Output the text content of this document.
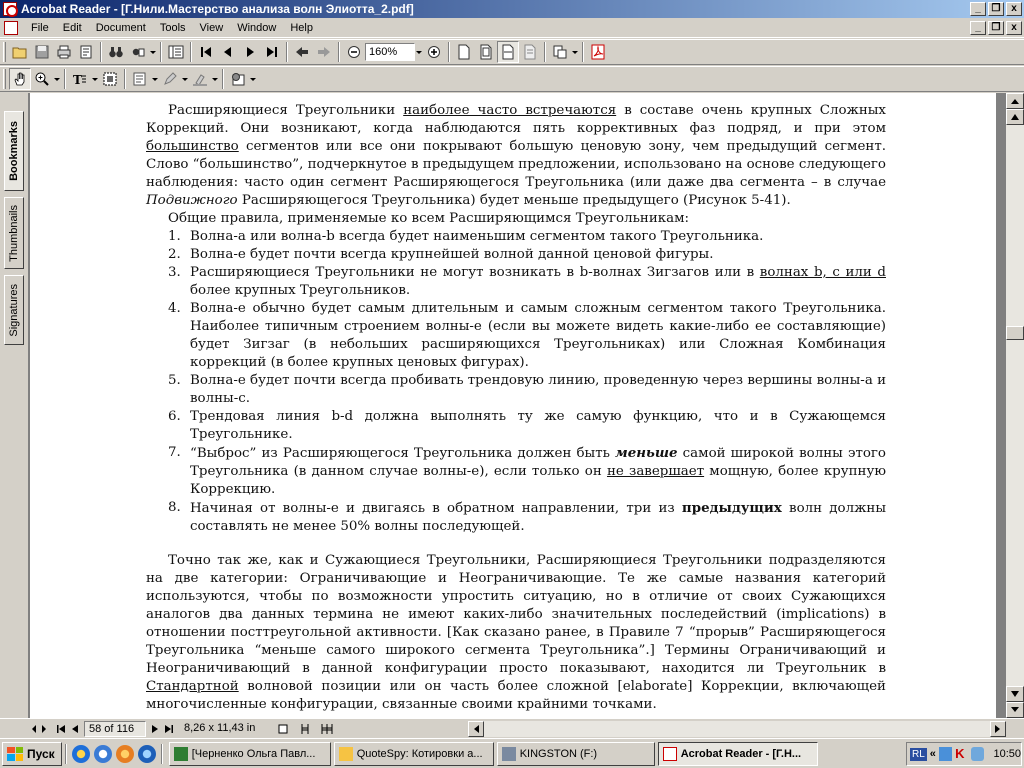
Acrobat Reader - [Г.Нили.Мастерство анализа волн Элиотта_2.pdf]	_	❐	x
File	Edit	Document	Tools	View	Window	Help	_	❐	x
160%
T
Bookmarks
Thumbnails
Signatures

Расширяющиеся Треугольники наиболее часто встречаются в составе очень крупных Сложных Коррекций. Они возникают, когда наблюдаются пять коррективных фаз подряд, и при этом большинство сегментов или все они покрывают большую ценовую зону, чем предыдущий сегмент. Слово “большинство”, подчеркнутое в предыдущем предложении, использовано на основе следующего наблюдения: часто один сегмент Расширяющегося Треугольника (или даже два сегмента – в случае Подвижного Расширяющегося Треугольника) будет меньше предыдущего (Рисунок 5-41).

Общие правила, применяемые ко всем Расширяющимся Треугольникам:

1. Волна-а или волна-b всегда будет наименьшим сегментом такого Треугольника.
2. Волна-е будет почти всегда крупнейшей волной данной ценовой фигуры.
3. Расширяющиеся Треугольники не могут возникать в b-волнах Зигзагов или в волнах b, c или d более крупных Треугольников.
4. Волна-е обычно будет самым длительным и самым сложным сегментом такого Треугольника. Наиболее типичным строением волны-е (если вы можете видеть какие-либо ее составляющие) будет Зигзаг (в небольших расширяющихся Треугольниках) или Сложная Комбинация коррекций (в более крупных ценовых фигурах).
5. Волна-е будет почти всегда пробивать трендовую линию, проведенную через вершины волны-а и волны-с.
6. Трендовая линия b-d должна выполнять ту же самую функцию, что и в Сужающемся Треугольнике.
7. “Выброс” из Расширяющегося Треугольника должен быть меньше самой широкой волны этого Треугольника (в данном случае волны-е), если только он не завершает мощную, более крупную Коррекцию.
8. Начиная от волны-е и двигаясь в обратном направлении, три из предыдущих волн должны составлять не менее 50% волны последующей.

Точно так же, как и Сужающиеся Треугольники, Расширяющиеся Треугольники подразделяются на две категории: Ограничивающие и Неограничивающие. Те же самые названия категорий используются, чтобы по возможности упростить ситуацию, но в отличие от своих Сужающихся аналогов два данных термина не имеют каких-либо значительных последействий (implications) в отношении посттреугольной активности. [Как сказано ранее, в Правиле 7 “прорыв” Расширяющегося Треугольника “меньше самого широкого сегмента Треугольника”.] Термины Ограничивающий и Неограничивающий в данной конфигурации просто показывают, находится ли Треугольник в Стандартной волновой позиции или он часть более сложной [elaborate] Коррекции, включающей многочисленные конфигурации, связанные своими крайними точками.

58 of 116	8,26 x 11,43 in
Пуск	[Черненко Ольга Павл...	QuoteSpy: Котировки а...	KINGSTON (F:)	Acrobat Reader - [Г.Н...	RL « K	10:50
